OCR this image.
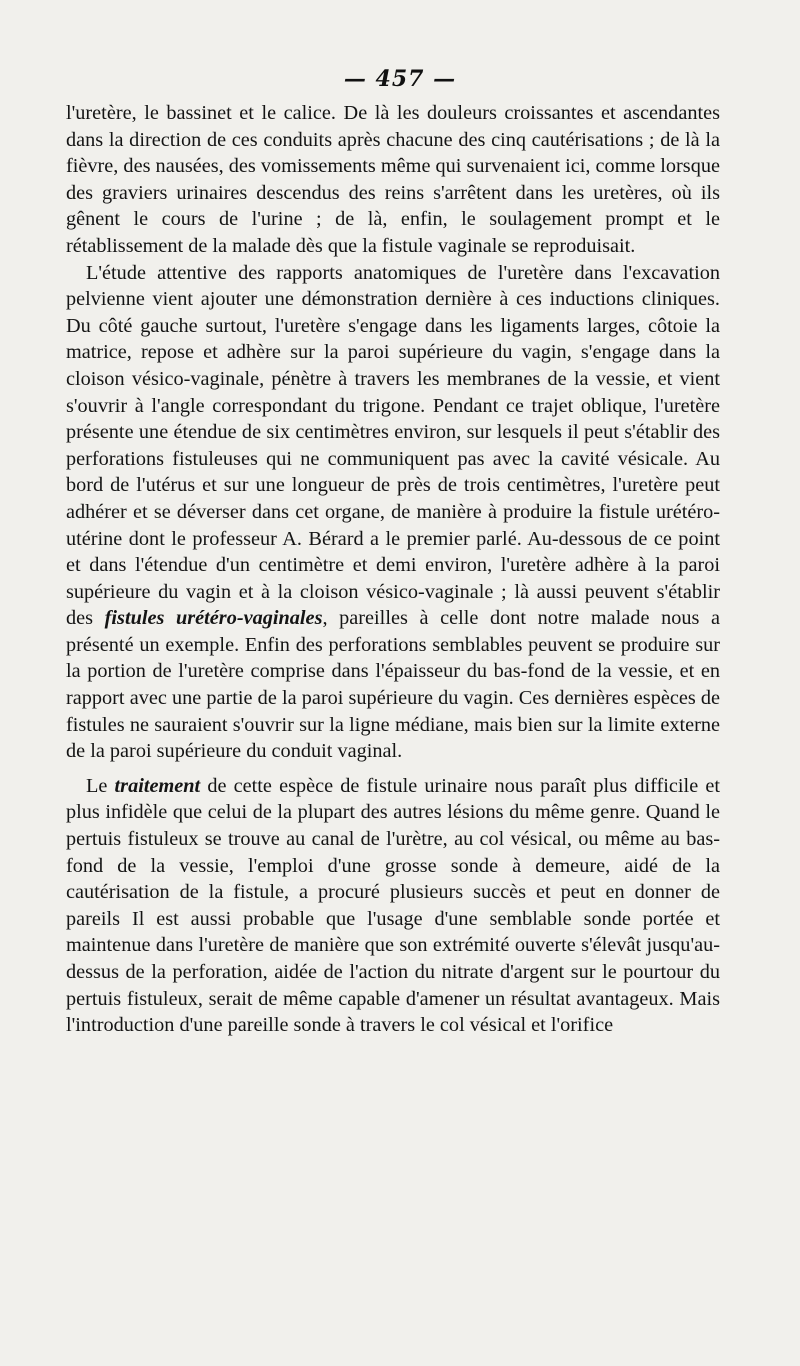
— 457 —

l'uretère, le bassinet et le calice. De là les douleurs croissantes et ascendantes dans la direction de ces conduits après chacune des cinq cautérisations ; de là la fièvre, des nausées, des vomissements même qui survenaient ici, comme lorsque des graviers urinaires descendus des reins s'arrêtent dans les uretères, où ils gênent le cours de l'urine ; de là, enfin, le soulagement prompt et le rétablissement de la malade dès que la fistule vaginale se reproduisait.

L'étude attentive des rapports anatomiques de l'uretère dans l'excavation pelvienne vient ajouter une démonstration dernière à ces inductions cliniques. Du côté gauche surtout, l'uretère s'engage dans les ligaments larges, côtoie la matrice, repose et adhère sur la paroi supérieure du vagin, s'engage dans la cloison vésico-vaginale, pénètre à travers les membranes de la vessie, et vient s'ouvrir à l'angle correspondant du trigone. Pendant ce trajet oblique, l'uretère présente une étendue de six centimètres environ, sur lesquels il peut s'établir des perforations fistuleuses qui ne communiquent pas avec la cavité vésicale. Au bord de l'utérus et sur une longueur de près de trois centimètres, l'uretère peut adhérer et se déverser dans cet organe, de manière à produire la fistule urétéro-utérine dont le professeur A. Bérard a le premier parlé. Au-dessous de ce point et dans l'étendue d'un centimètre et demi environ, l'uretère adhère à la paroi supérieure du vagin et à la cloison vésico-vaginale ; là aussi peuvent s'établir des fistules urétéro-vaginales, pareilles à celle dont notre malade nous a présenté un exemple. Enfin des perforations semblables peuvent se produire sur la portion de l'uretère comprise dans l'épaisseur du bas-fond de la vessie, et en rapport avec une partie de la paroi supérieure du vagin. Ces dernières espèces de fistules ne sauraient s'ouvrir sur la ligne médiane, mais bien sur la limite externe de la paroi supérieure du conduit vaginal.

Le traitement de cette espèce de fistule urinaire nous paraît plus difficile et plus infidèle que celui de la plupart des autres lésions du même genre. Quand le pertuis fistuleux se trouve au canal de l'urètre, au col vésical, ou même au bas-fond de la vessie, l'emploi d'une grosse sonde à demeure, aidé de la cautérisation de la fistule, a procuré plusieurs succès et peut en donner de pareils Il est aussi probable que l'usage d'une semblable sonde portée et maintenue dans l'uretère de manière que son extrémité ouverte s'élevât jusqu'au-dessus de la perforation, aidée de l'action du nitrate d'argent sur le pourtour du pertuis fistuleux, serait de même capable d'amener un résultat avantageux. Mais l'introduction d'une pareille sonde à travers le col vésical et l'orifice
